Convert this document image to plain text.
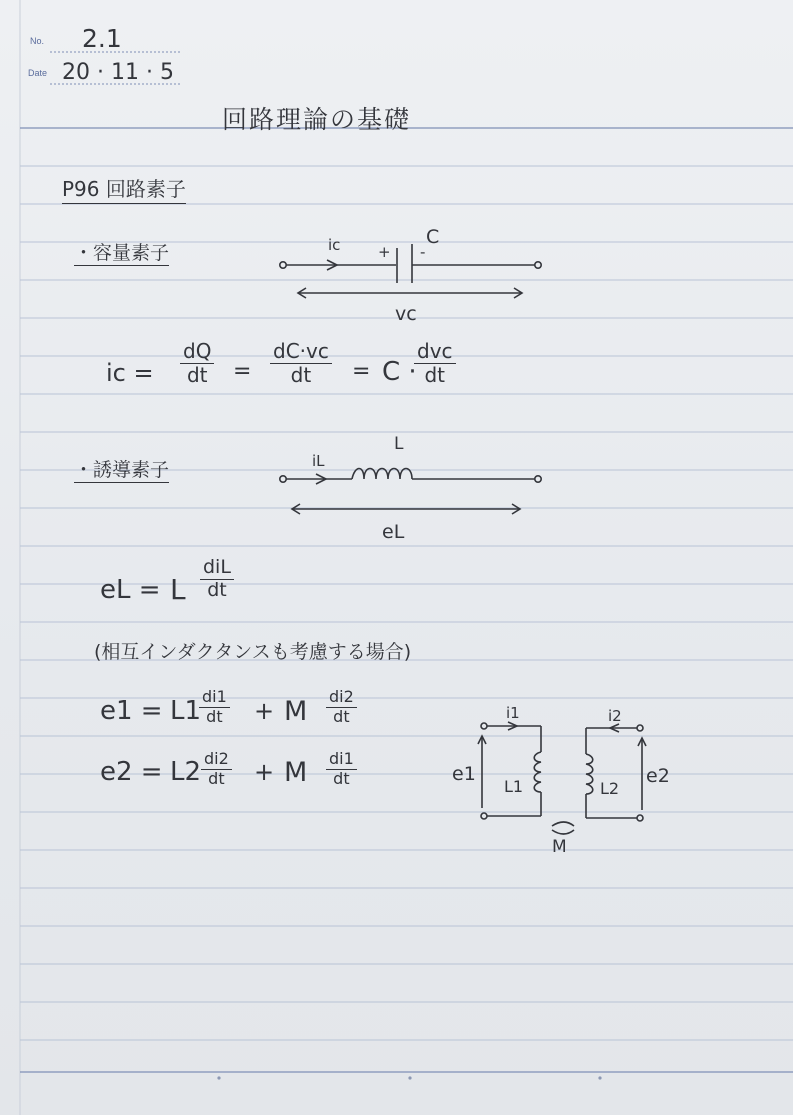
No. 2.1
Date 20 · 11 · 5
回路理論の基礎
P96 回路素子
・容量素子	ic	+ -
C
vc
ic = $\frac{dQ}{dt} = \frac{dC\cdot vc}{dt} = C$ ·
dvc
dt
・誘導素子	iL
L
eL
eL = L
diL
dt
(相互インダクタンスも考慮する場合)
e1 = L1
$\frac{di1}{dt} + M \frac{di2}{dt}$
$e2 = L2 \frac{di2}{dt} + M \frac{di1}{dt}$
i1	i2
e1	e2
L1	L2
M
